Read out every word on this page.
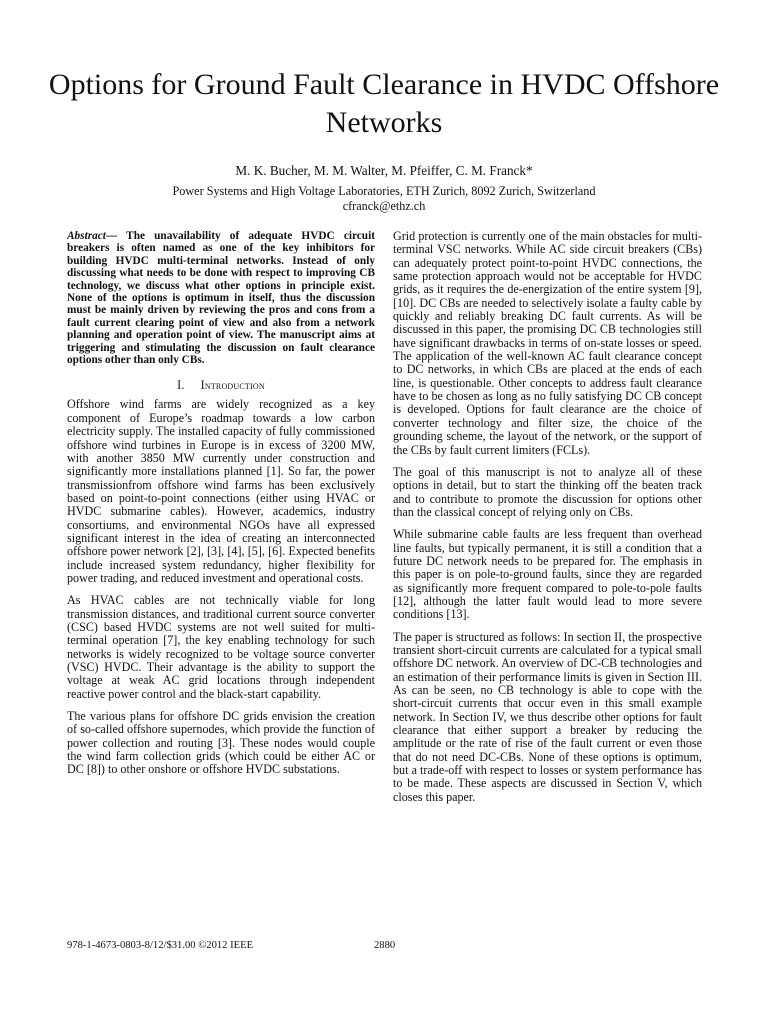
Options for Ground Fault Clearance in HVDC Offshore Networks
M. K. Bucher, M. M. Walter, M. Pfeiffer, C. M. Franck*
Power Systems and High Voltage Laboratories, ETH Zurich, 8092 Zurich, Switzerland
cfranck@ethz.ch

Abstract— The unavailability of adequate HVDC circuit breakers is often named as one of the key inhibitors for building HVDC multi-terminal networks. Instead of only discussing what needs to be done with respect to improving CB technology, we discuss what other options in principle exist. None of the options is optimum in itself, thus the discussion must be mainly driven by reviewing the pros and cons from a fault current clearing point of view and also from a network planning and operation point of view. The manuscript aims at triggering and stimulating the discussion on fault clearance options other than only CBs.

I. Introduction

Offshore wind farms are widely recognized as a key component of Europe’s roadmap towards a low carbon electricity supply. The installed capacity of fully commissioned offshore wind turbines in Europe is in excess of 3200 MW, with another 3850 MW currently under construction and significantly more installations planned [1]. So far, the power transmissionfrom offshore wind farms has been exclusively based on point-to-point connections (either using HVAC or HVDC submarine cables). However, academics, industry consortiums, and environmental NGOs have all expressed significant interest in the idea of creating an interconnected offshore power network [2], [3], [4], [5], [6]. Expected benefits include increased system redundancy, higher flexibility for power trading, and reduced investment and operational costs.

As HVAC cables are not technically viable for long transmission distances, and traditional current source converter (CSC) based HVDC systems are not well suited for multi-terminal operation [7], the key enabling technology for such networks is widely recognized to be voltage source converter (VSC) HVDC. Their advantage is the ability to support the voltage at weak AC grid locations through independent reactive power control and the black-start capability.

The various plans for offshore DC grids envision the creation of so-called offshore supernodes, which provide the function of power collection and routing [3]. These nodes would couple the wind farm collection grids (which could be either AC or DC [8]) to other onshore or offshore HVDC substations.

Grid protection is currently one of the main obstacles for multi-terminal VSC networks. While AC side circuit breakers (CBs) can adequately protect point-to-point HVDC connections, the same protection approach would not be acceptable for HVDC grids, as it requires the de-energization of the entire system [9], [10]. DC CBs are needed to selectively isolate a faulty cable by quickly and reliably breaking DC fault currents. As will be discussed in this paper, the promising DC CB technologies still have significant drawbacks in terms of on-state losses or speed. The application of the well-known AC fault clearance concept to DC networks, in which CBs are placed at the ends of each line, is questionable. Other concepts to address fault clearance have to be chosen as long as no fully satisfying DC CB concept is developed. Options for fault clearance are the choice of converter technology and filter size, the choice of the grounding scheme, the layout of the network, or the support of the CBs by fault current limiters (FCLs).

The goal of this manuscript is not to analyze all of these options in detail, but to start the thinking off the beaten track and to contribute to promote the discussion for options other than the classical concept of relying only on CBs.

While submarine cable faults are less frequent than overhead line faults, but typically permanent, it is still a condition that a future DC network needs to be prepared for. The emphasis in this paper is on pole-to-ground faults, since they are regarded as significantly more frequent compared to pole-to-pole faults [12], although the latter fault would lead to more severe conditions [13].

The paper is structured as follows: In section II, the prospective transient short-circuit currents are calculated for a typical small offshore DC network. An overview of DC-CB technologies and an estimation of their performance limits is given in Section III. As can be seen, no CB technology is able to cope with the short-circuit currents that occur even in this small example network. In Section IV, we thus describe other options for fault clearance that either support a breaker by reducing the amplitude or the rate of rise of the fault current or even those that do not need DC-CBs. None of these options is optimum, but a trade-off with respect to losses or system performance has to be made. These aspects are discussed in Section V, which closes this paper.

978-1-4673-0803-8/12/$31.00 ©2012 IEEE	2880
